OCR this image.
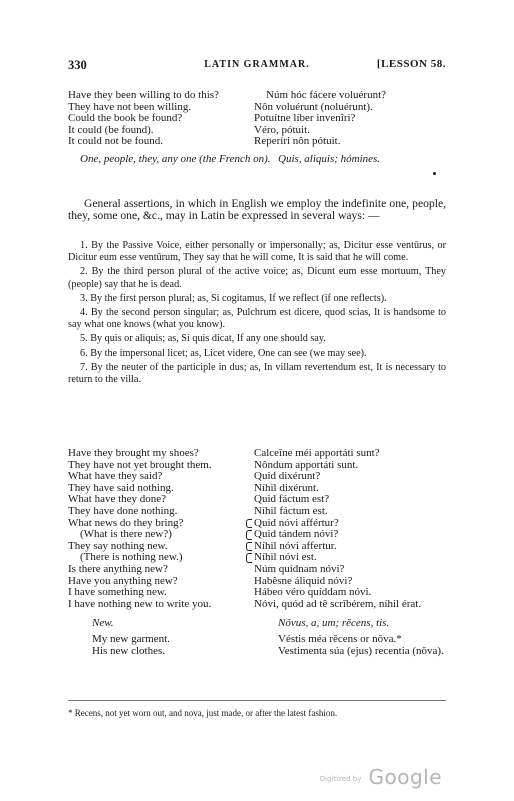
330	LATIN GRAMMAR.	[LESSON 58.
Have they been willing to do this?	Núm hóc fácere voluérunt?
They have not been willing.	Nôn voluérunt (noluérunt).
Could the book be found?	Potuítne líber invenîri?
It could (be found).	Véro, pótuit.
It could not be found.	Reperíri nôn pótuit.
One, people, they, any one (the French on). Quis, aliquis; hómines.
General assertions, in which in English we employ the indefinite one, people, they, some one, &c., may in Latin be expressed in several ways: —
1. By the Passive Voice, either personally or impersonally; as, Dicitur esse ventūrus, or Dicitur eum esse ventūrum, They say that he will come, It is said that he will come.
2. By the third person plural of the active voice; as, Dicunt eum esse mortuum, They (people) say that he is dead.
3. By the first person plural; as, Si cogitamus, If we reflect (if one reflects).
4. By the second person singular; as, Pulchrum est dicere, quod scias, It is handsome to say what one knows (what you know).
5. By quis or aliquis; as, Si quis dicat, If any one should say.
6. By the impersonal licet; as, Licet videre, One can see (we may see).
7. By the neuter of the participle in dus; as, In villam revertendum est, It is necessary to return to the villa.
Have they brought my shoes?	Calceīne méi apportáti sunt?
They have not yet brought them.	Nôndum apportáti sunt.
What have they said?	Quid dixérunt?
They have said nothing.	Níhil dixérunt.
What have they done?	Quid fáctum est?
They have done nothing.	Níhil fáctum est.
What news do they bring?	Quid nóvi affértur?
(What is there new?)	Quid tándem nóvi?
They say nothing new.	Níhil nóvi affertur.
(There is nothing new.)	Níhil nóvi est.
Is there anything new?	Núm quídnam nóvi?
Have you anything new?	Habêsne áliquid nóvi?
I have something new.	Hábeo véro quíddam nóvi.
I have nothing new to write you.	Nóvi, quód ad tê scrîbérem, níhil érat.
New.	Nŏvus, a, um; rĕcens, tis.
My new garment.	Véstis méa rĕcens or nŏva.*
His new clothes.	Vestimenta súa (ejus) recentia (nŏva).
* Recens, not yet worn out, and nova, just made, or after the latest fashion.
Digitized by Google
